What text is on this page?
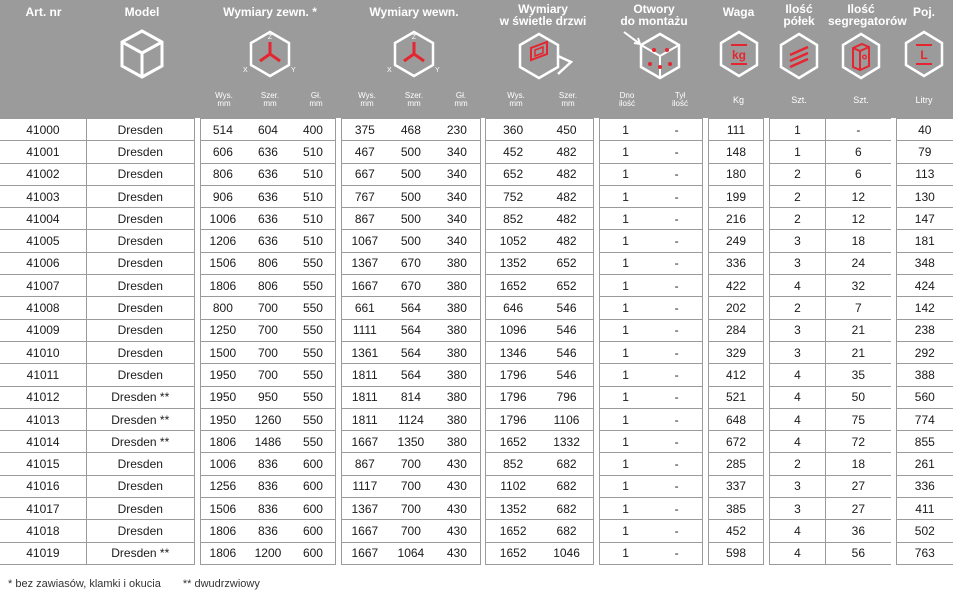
Art. nr	Model	Wymiary zewn. *
Z
X	Y
Wys.
mm
Szer.
mm
Gł.
mm
Wymiary wewn.
Z
X	Y
Wys.
mm
Szer.
mm
Gł.
mm
Wymiary
w świetle drzwi
Wys.
mm
Szer.
mm
Otwory
do montażu
Dno
ilość
Tył
ilość
Waga
kg
Kg
Ilość
półek
Szt.
Ilość
segregatorów
Szt.
Poj.
L
Litry
41000	Dresden		514	604	400		375	468	230		360	450		1	-		111		1	-		40
41001	Dresden		606	636	510		467	500	340		452	482		1	-		148		1	6		79
41002	Dresden		806	636	510		667	500	340		652	482		1	-		180		2	6		113
41003	Dresden		906	636	510		767	500	340		752	482		1	-		199		2	12		130
41004	Dresden		1006	636	510		867	500	340		852	482		1	-		216		2	12		147
41005	Dresden		1206	636	510		1067	500	340		1052	482		1	-		249		3	18		181
41006	Dresden		1506	806	550		1367	670	380		1352	652		1	-		336		3	24		348
41007	Dresden		1806	806	550		1667	670	380		1652	652		1	-		422		4	32		424
41008	Dresden		800	700	550		661	564	380		646	546		1	-		202		2	7		142
41009	Dresden		1250	700	550		1111	564	380		1096	546		1	-		284		3	21		238
41010	Dresden		1500	700	550		1361	564	380		1346	546		1	-		329		3	21		292
41011	Dresden		1950	700	550		1811	564	380		1796	546		1	-		412		4	35		388
41012	Dresden **		1950	950	550		1811	814	380		1796	796		1	-		521		4	50		560
41013	Dresden **		1950	1260	550		1811	1124	380		1796	1106		1	-		648		4	75		774
41014	Dresden **		1806	1486	550		1667	1350	380		1652	1332		1	-		672		4	72		855
41015	Dresden		1006	836	600		867	700	430		852	682		1	-		285		2	18		261
41016	Dresden		1256	836	600		1117	700	430		1102	682		1	-		337		3	27		336
41017	Dresden		1506	836	600		1367	700	430		1352	682		1	-		385		3	27		411
41018	Dresden		1806	836	600		1667	700	430		1652	682		1	-		452		4	36		502
41019	Dresden **		1806	1200	600		1667	1064	430		1652	1046		1	-		598		4	56		763
* bez zawiasów, klamki i okucia ** dwudrzwiowy
